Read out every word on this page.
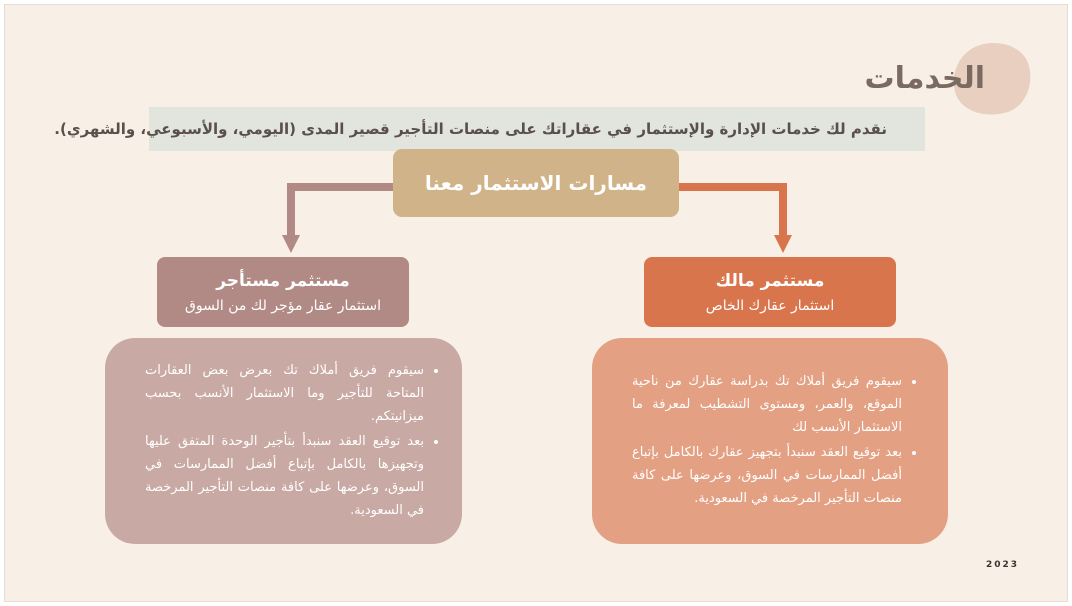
الخدمات
نقدم لك خدمات الإدارة والإستثمار في عقاراتك على منصات التأجير قصير المدى (اليومي، والأسبوعي، والشهري).
مسارات الاستثمار معنا
مستثمر مالك
استثمار عقارك الخاص
مستثمر مستأجر
استثمار عقار مؤجر لك من السوق
• سيقوم فريق أملاك تك بدراسة عقارك من ناحية الموقع، والعمر، ومستوى التشطيب لمعرفة ما الاستثمار الأنسب لك
• بعد توقيع العقد سنبدأ بتجهيز عقارك بالكامل بإتباع أفضل الممارسات في السوق، وعرضها على كافة منصات التأجير المرخصة في السعودية.
• سيقوم فريق أملاك تك بعرض بعض العقارات المتاحة للتأجير وما الاستثمار الأنسب بحسب ميزانيتكم.
• بعد توقيع العقد سنبدأ بتأجير الوحدة المتفق عليها وتجهيزها بالكامل بإتباع أفضل الممارسات في السوق، وعرضها على كافة منصات التأجير المرخصة في السعودية.
2023
